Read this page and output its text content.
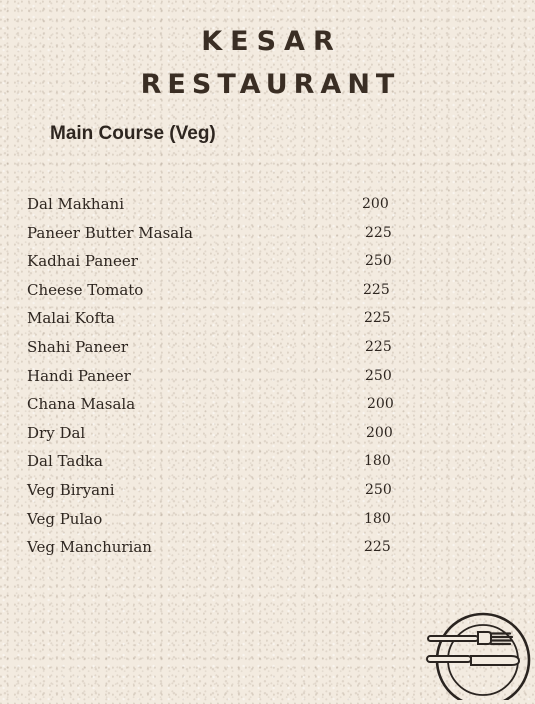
KESAR
RESTAURANT
Main Course (Veg)
Dal Makhani	200
Paneer Butter Masala	225
Kadhai Paneer	250
Cheese Tomato	225
Malai Kofta	225
Shahi Paneer	225
Handi Paneer	250
Chana Masala	200
Dry Dal	200
Dal Tadka	180
Veg Biryani	250
Veg Pulao	180
Veg Manchurian	225
